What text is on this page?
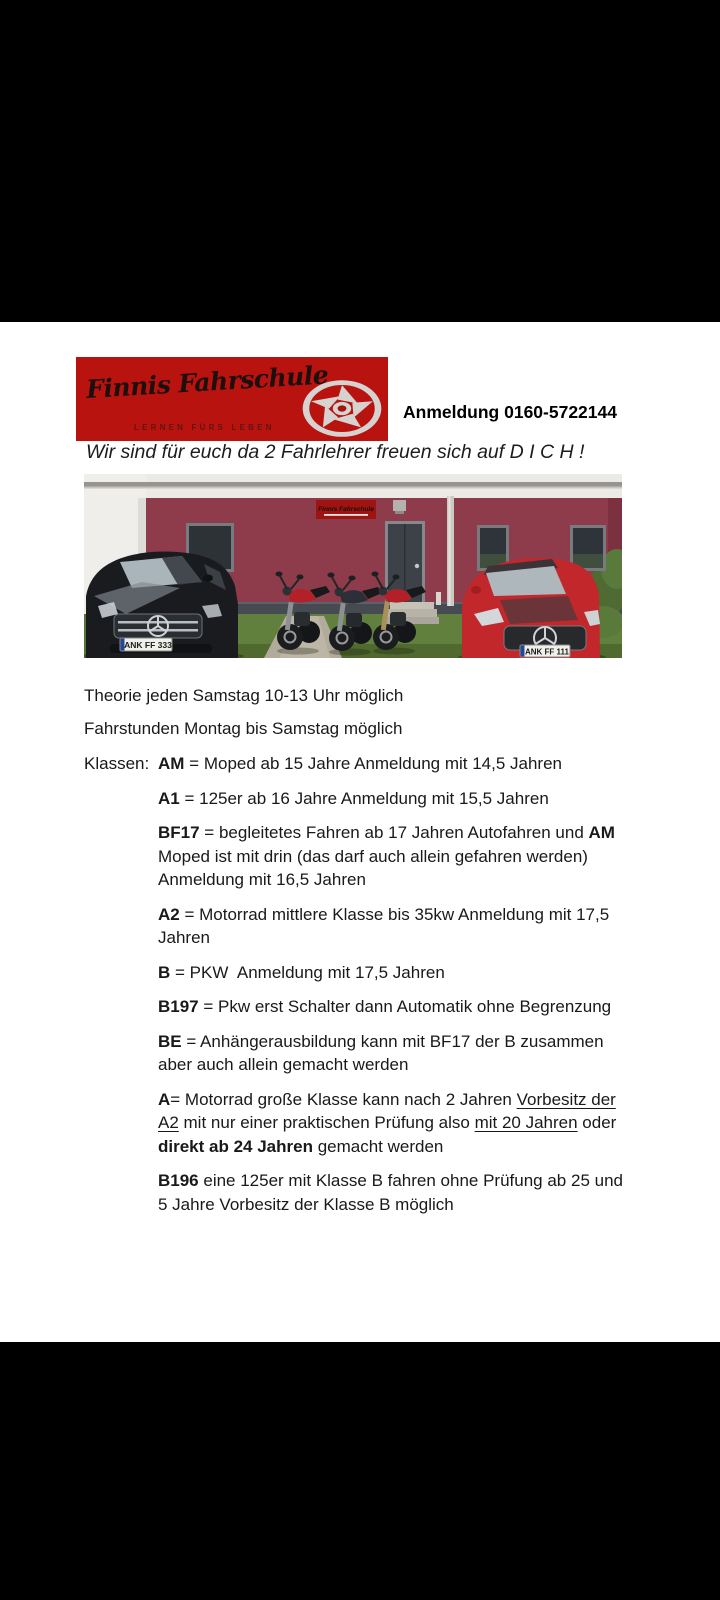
Finnis Fahrschule
LERNEN FÜRS LEBEN
Anmeldung 0160-5722144
Wir sind für euch da 2 Fahrlehrer freuen sich auf D I C H !
Finnis Fahrschule
ANK FF 333
ANK FF 111
Theorie jeden Samstag 10-13 Uhr möglich
Fahrstunden Montag bis Samstag möglich
Klassen: AM = Moped ab 15 Jahre Anmeldung mit 14,5 Jahren
A1 = 125er ab 16 Jahre Anmeldung mit 15,5 Jahren
BF17 = begleitetes Fahren ab 17 Jahren Autofahren und AM
Moped ist mit drin (das darf auch allein gefahren werden)
Anmeldung mit 16,5 Jahren
A2 = Motorrad mittlere Klasse bis 35kw Anmeldung mit 17,5
Jahren
B = PKW  Anmeldung mit 17,5 Jahren
B197 = Pkw erst Schalter dann Automatik ohne Begrenzung
BE = Anhängerausbildung kann mit BF17 der B zusammen
aber auch allein gemacht werden
A= Motorrad große Klasse kann nach 2 Jahren Vorbesitz der
A2 mit nur einer praktischen Prüfung also mit 20 Jahren oder
direkt ab 24 Jahren gemacht werden
B196 eine 125er mit Klasse B fahren ohne Prüfung ab 25 und
5 Jahre Vorbesitz der Klasse B möglich
